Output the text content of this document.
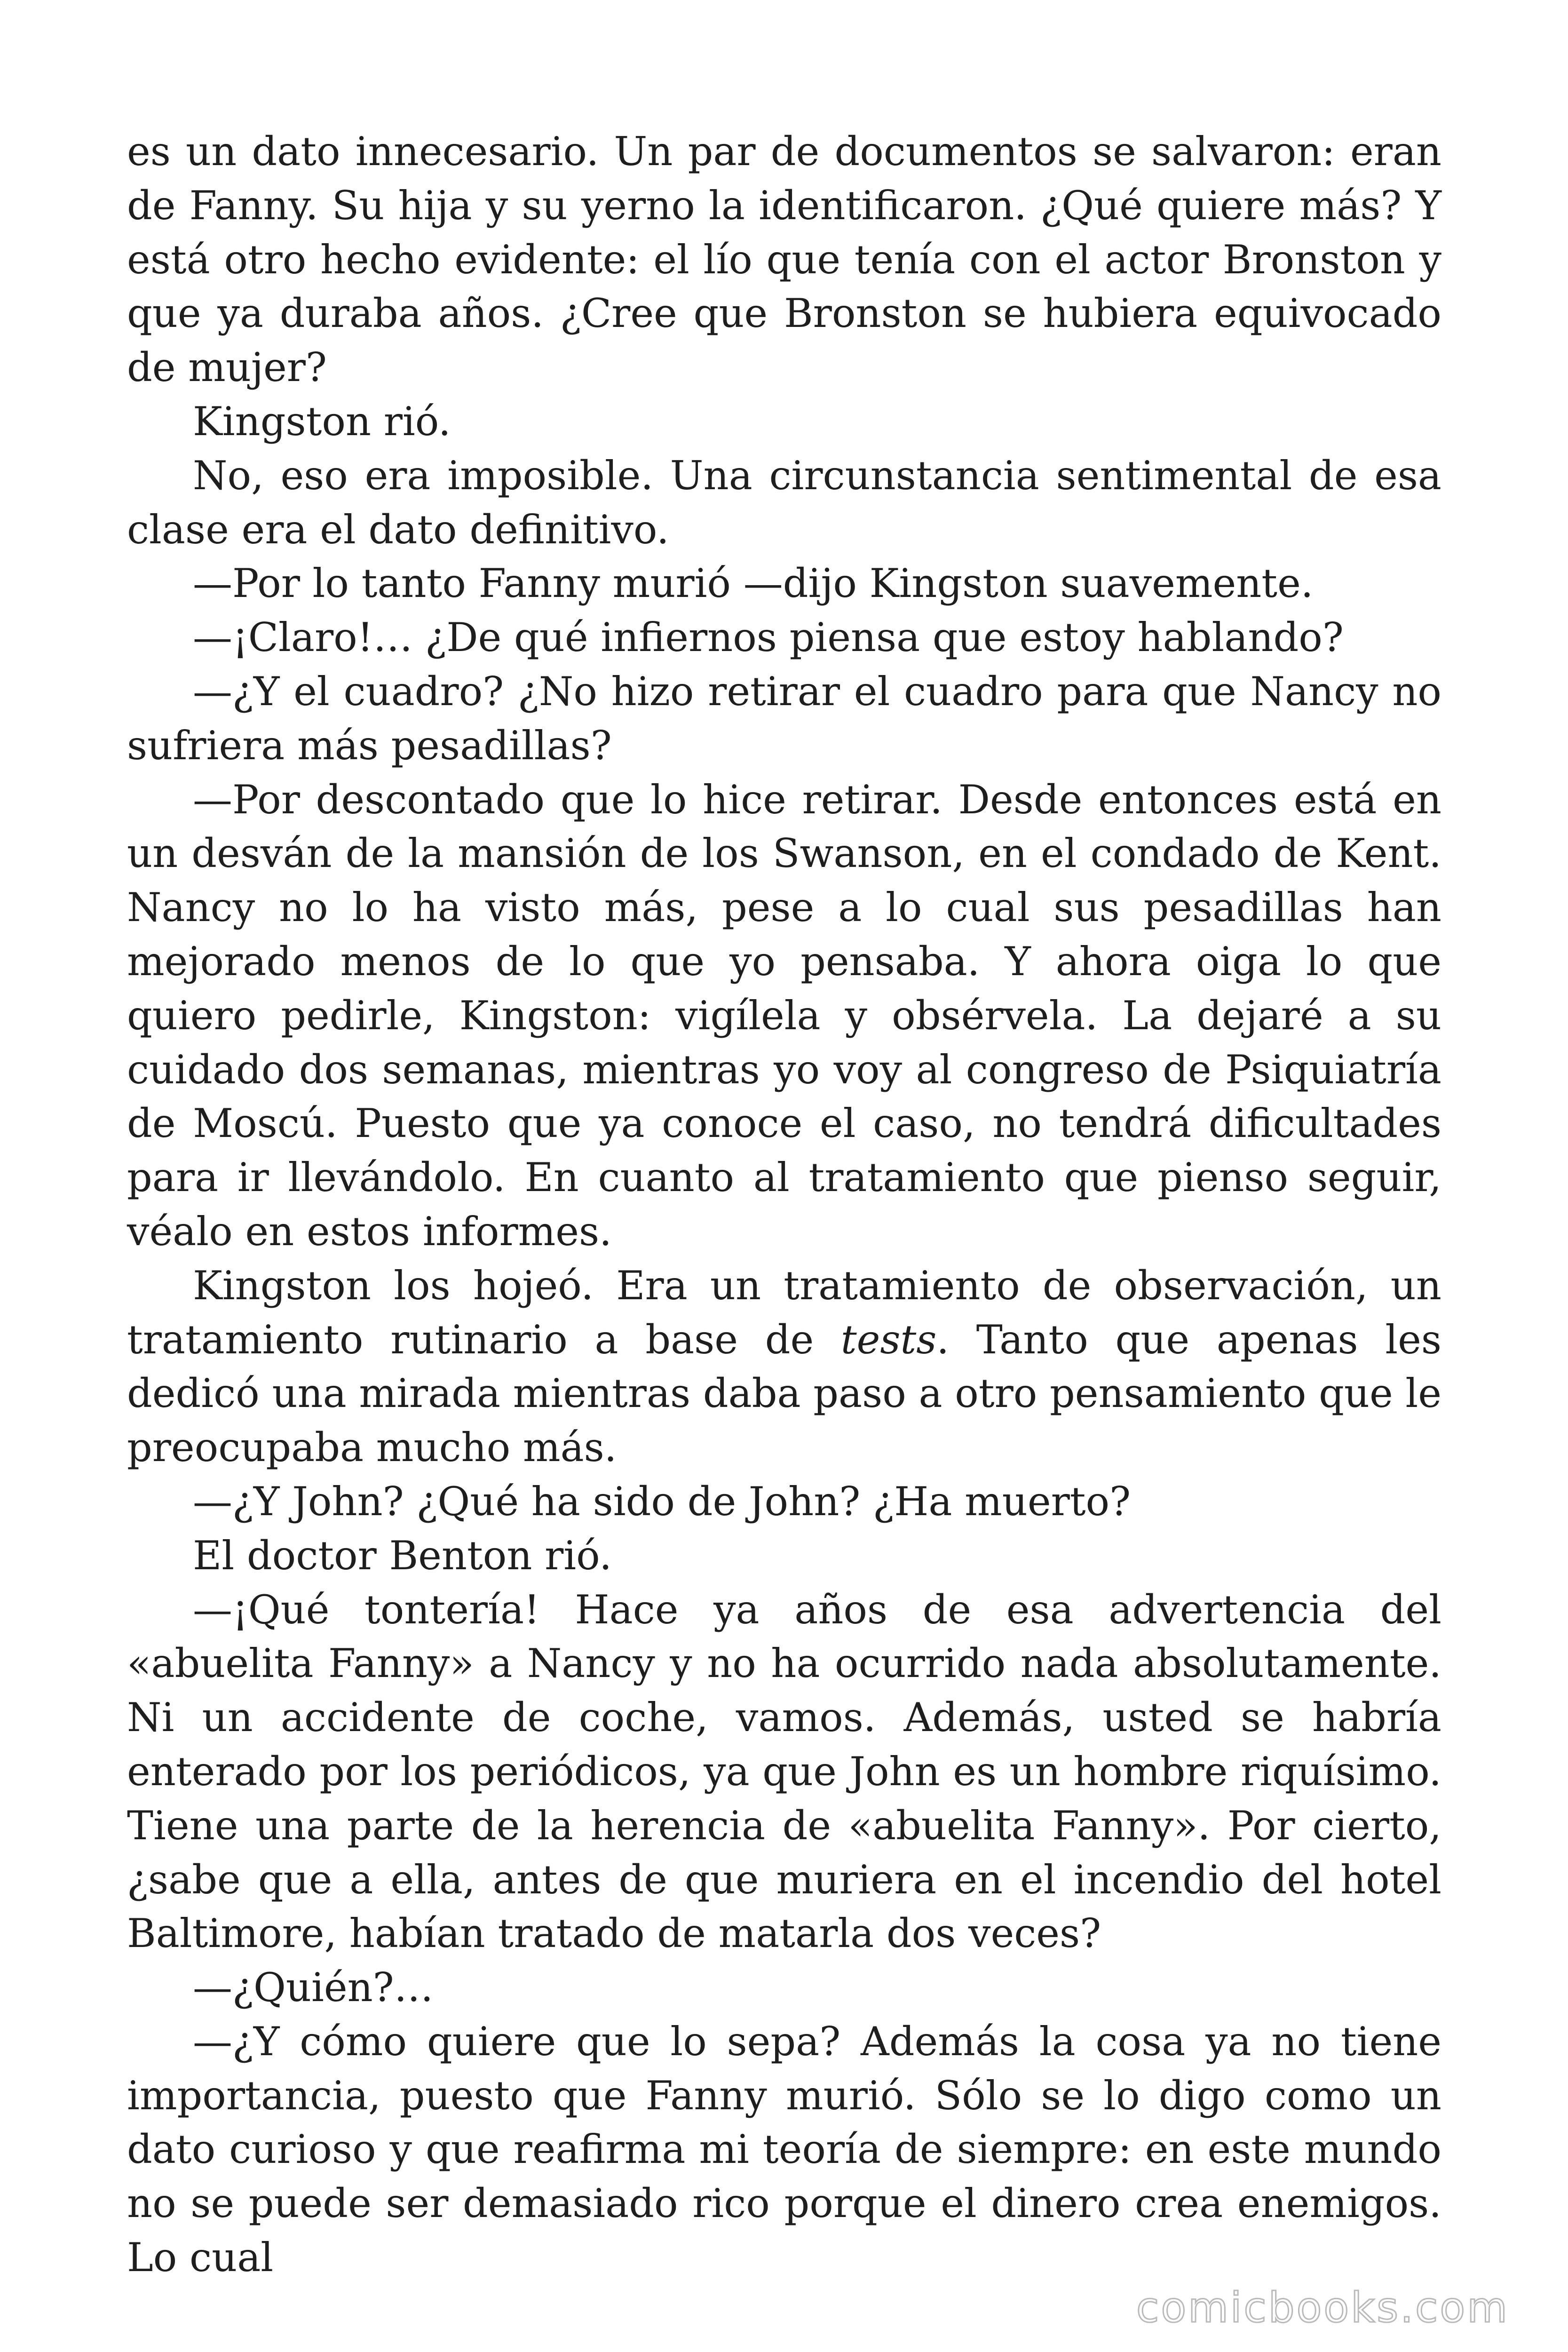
es un dato innecesario. Un par de documentos se salvaron: eran de Fanny. Su hija y su yerno la identificaron. ¿Qué quiere más? Y está otro hecho evidente: el lío que tenía con el actor Bronston y que ya duraba años. ¿Cree que Bronston se hubiera equivocado de mujer?

Kingston rió.

No, eso era imposible. Una circunstancia sentimental de esa clase era el dato definitivo.

—Por lo tanto Fanny murió —dijo Kingston suavemente.

—¡Claro!… ¿De qué infiernos piensa que estoy hablando?

—¿Y el cuadro? ¿No hizo retirar el cuadro para que Nancy no sufriera más pesadillas?

—Por descontado que lo hice retirar. Desde entonces está en un desván de la mansión de los Swanson, en el condado de Kent. Nancy no lo ha visto más, pese a lo cual sus pesadillas han mejorado menos de lo que yo pensaba. Y ahora oiga lo que quiero pedirle, Kingston: vigílela y obsérvela. La dejaré a su cuidado dos semanas, mientras yo voy al congreso de Psiquiatría de Moscú. Puesto que ya conoce el caso, no tendrá dificultades para ir llevándolo. En cuanto al tratamiento que pienso seguir, véalo en estos informes.

Kingston los hojeó. Era un tratamiento de observación, un tratamiento rutinario a base de tests. Tanto que apenas les dedicó una mirada mientras daba paso a otro pensamiento que le preocupaba mucho más.

—¿Y John? ¿Qué ha sido de John? ¿Ha muerto?

El doctor Benton rió.

—¡Qué tontería! Hace ya años de esa advertencia del «abuelita Fanny» a Nancy y no ha ocurrido nada absolutamente. Ni un accidente de coche, vamos. Además, usted se habría enterado por los periódicos, ya que John es un hombre riquísimo. Tiene una parte de la herencia de «abuelita Fanny». Por cierto, ¿sabe que a ella, antes de que muriera en el incendio del hotel Baltimore, habían tratado de matarla dos veces?

—¿Quién?…

—¿Y cómo quiere que lo sepa? Además la cosa ya no tiene importancia, puesto que Fanny murió. Sólo se lo digo como un dato curioso y que reafirma mi teoría de siempre: en este mundo no se puede ser demasiado rico porque el dinero crea enemigos. Lo cual

comicbooks.com
